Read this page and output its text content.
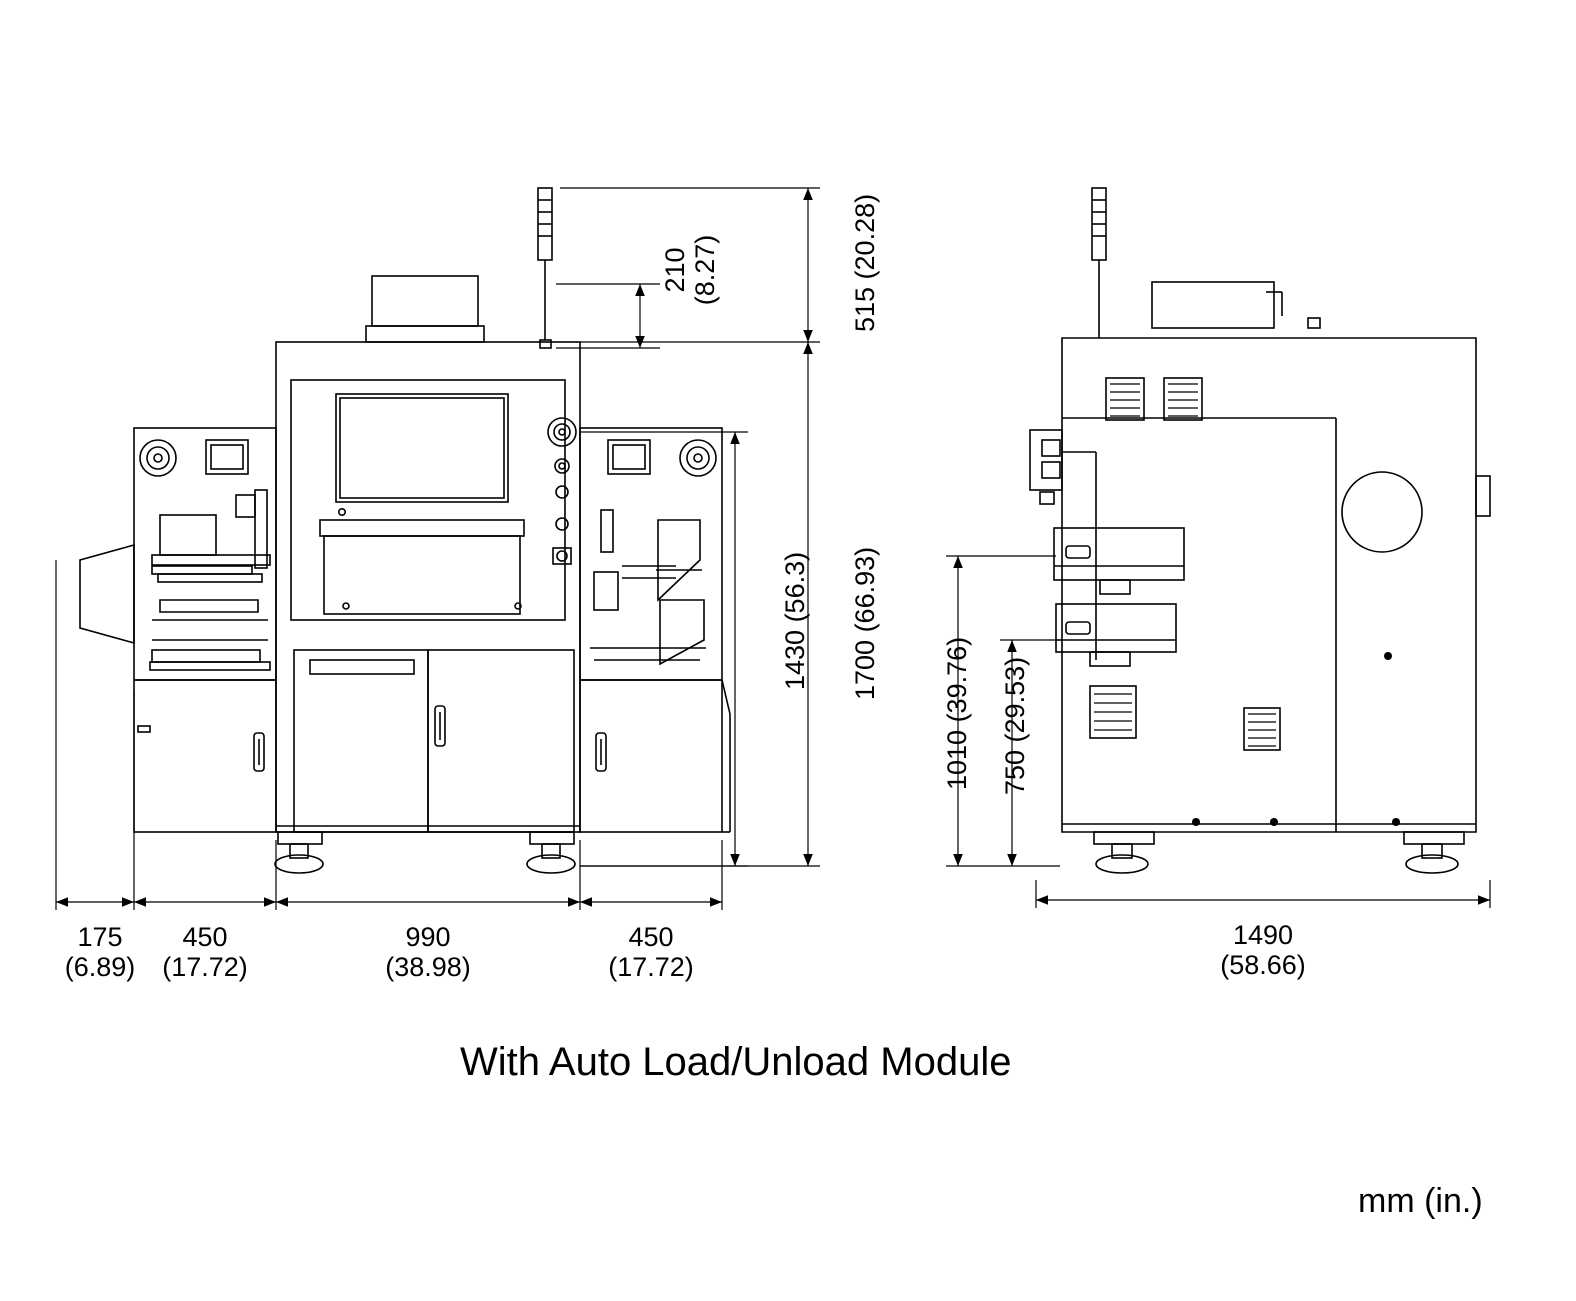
515 (20.28)
210
(8.27)
1430 (56.3) 1700 (66.93)
1010 (39.76) 750 (29.53)
175
(6.89)
450
(17.72)
990
(38.98)
450
(17.72)
1490
(58.66)
With Auto Load/Unload Module
mm (in.)
